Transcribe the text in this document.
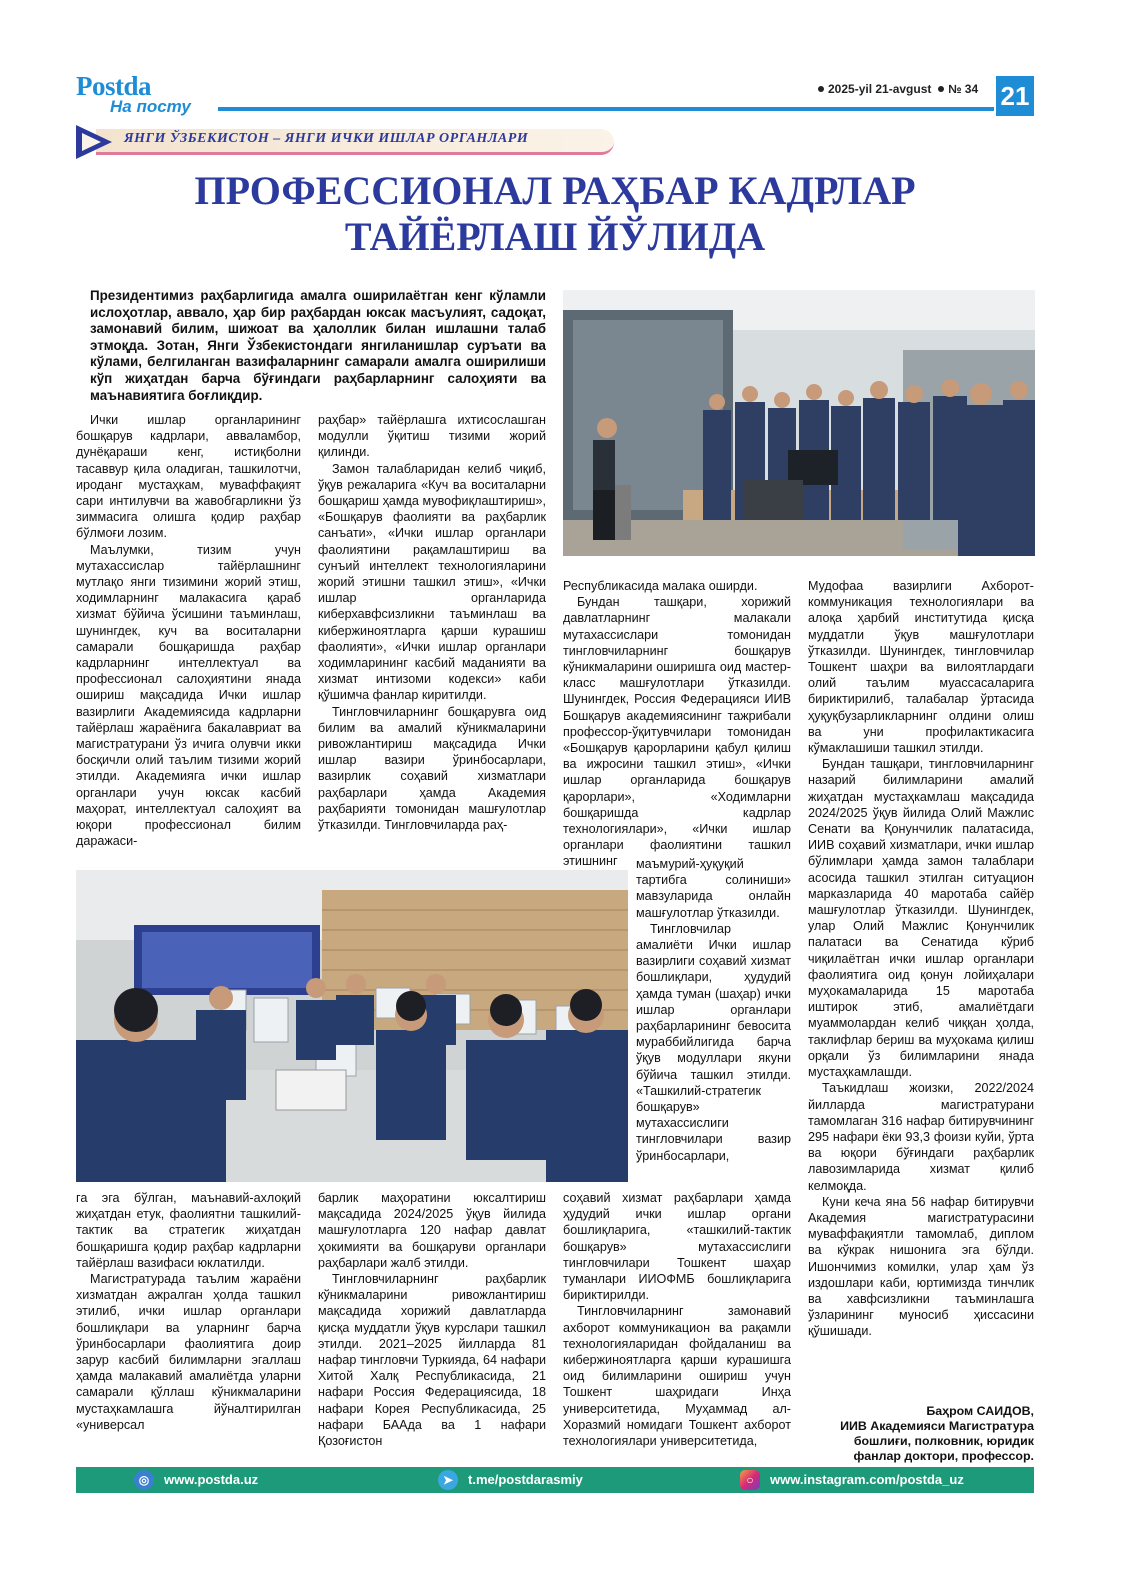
Postda
На посту
2025-yil 21-avgust № 34 21
ЯНГИ ЎЗБЕКИСТОН – ЯНГИ ИЧКИ ИШЛАР ОРГАНЛАРИ
ПРОФЕССИОНАЛ РАҲБАР КАДРЛАР
ТАЙЁРЛАШ ЙЎЛИДА
Президентимиз раҳбарлигида амалга оширилаётган кенг кўламли ислоҳотлар, аввало, ҳар бир раҳбардан юксак масъулият, садоқат, замонавий билим, шижоат ва ҳалоллик билан ишлашни талаб этмоқда. Зотан, Янги Ўзбекистондаги янгиланишлар суръати ва кўлами, белгиланган вазифаларнинг самарали амалга оширилиши кўп жиҳатдан барча бўғиндаги раҳбарларнинг салоҳияти ва маънавиятига боғлиқдир.

Ички ишлар органларининг бошқарув кадрлари, авваламбор, дунёқараши кенг, истиқболни тасаввур қила оладиган, ташкилотчи, ироданг мустаҳкам, муваффақият сари интилувчи ва жавобгарликни ўз зиммасига олишга қодир раҳбар бўлмоғи лозим.

Маълумки, тизим учун мутахассислар тайёрлашнинг мутлақо янги тизимини жорий этиш, ходимларнинг малакасига қараб хизмат бўйича ўсишини таъминлаш, шунингдек, куч ва воситаларни самарали бошқаришда раҳбар кадрларнинг интеллектуал ва профессионал салоҳиятини янада ошириш мақсадида Ички ишлар вазирлиги Академиясида кадрларни тайёрлаш жараёнига бакалавриат ва магистратурани ўз ичига олувчи икки босқичли олий таълим тизими жорий этилди. Академияга ички ишлар органлари учун юксак касбий маҳорат, интеллектуал салоҳият ва юқори профессионал билим даражаси-

раҳбар» тайёрлашга ихтисослашган модулли ўқитиш тизими жорий қилинди.

Замон талабларидан келиб чиқиб, ўқув режаларига «Куч ва воситаларни бошқариш ҳамда мувофиқлаштириш», «Бошқарув фаолияти ва раҳбарлик санъати», «Ички ишлар органлари фаолиятини рақамлаштириш ва сунъий интеллект технологияларини жорий этишни ташкил этиш», «Ички ишлар органларида киберхавфсизликни таъминлаш ва кибержиноятларга қарши курашиш фаолияти», «Ички ишлар органлари ходимларининг касбий маданияти ва хизмат интизоми кодекси» каби қўшимча фанлар киритилди.

Тингловчиларнинг бошқарувга оид билим ва амалий кўникмаларини ривожлантириш мақсадида Ички ишлар вазири ўринбосарлари, вазирлик соҳавий хизматлари раҳбарлари ҳамда Академия раҳбарияти томонидан машғулотлар ўтказилди. Тингловчиларда раҳ-

Республикасида малака оширди.

Бундан ташқари, хорижий давлатларнинг малакали мутахассислари томонидан тингловчиларнинг бошқарув кўникмаларини оширишга оид мастер-класс машғулотлари ўтказилди. Шунингдек, Россия Федерацияси ИИВ Бошқарув академиясининг тажрибали профессор-ўқитувчилари томонидан «Бошқарув қарорларини қабул қилиш ва ижросини ташкил этиш», «Ички ишлар органларида бошқарув қарорлари», «Ходимларни бошқаришда кадрлар технологиялари», «Ички ишлар органлари фаолиятини ташкил этишнинг	маъмурий-ҳуқуқий тартибга солиниши» мавзуларида онлайн машғулотлар ўтказилди.

Тингловчилар амалиёти Ички ишлар вазирлиги соҳавий хизмат бошлиқлари, ҳудудий ҳамда туман (шаҳар) ички ишлар органлари раҳбарларининг бевосита мураббийлигида барча ўқув модуллари якуни бўйича ташкил этилди. «Ташкилий-стратегик бошқарув» мутахассислиги тингловчилари вазир ўринбосарлари,

Мудофаа вазирлиги Ахборот-коммуникация технологиялари ва алоқа ҳарбий институтида қисқа муддатли ўқув машғулотлари ўтказилди. Шунингдек, тингловчилар Тошкент шаҳри ва вилоятлардаги олий таълим муассасаларига бириктирилиб, талабалар ўртасида ҳуқуқбузарликларнинг олдини олиш ва уни профилактикасига кўмаклашиши ташкил этилди.

Бундан ташқари, тингловчиларнинг назарий билимларини амалий жиҳатдан мустаҳкамлаш мақсадида 2024/2025 ўқув йилида Олий Мажлис Сенати ва Қонунчилик палатасида, ИИВ соҳавий хизматлари, ички ишлар бўлимлари ҳамда замон талаблари асосида ташкил этилган ситуацион марказларида 40 маротаба сайёр машғулотлар ўтказилди. Шунингдек, улар Олий Мажлис Қонунчилик палатаси ва Сенатида кўриб чиқилаётган ички ишлар органлари фаолиятига оид қонун лойиҳалари муҳокамаларида 15 маротаба иштирок этиб, амалиётдаги муаммолардан келиб чиққан ҳолда, таклифлар бериш ва муҳокама қилиш орқали ўз билимларини янада мустаҳкамлашди.

Таъкидлаш жоизки, 2022/2024 йилларда магистратурани тамомлаган 316 нафар битирувчининг 295 нафари ёки 93,3 фоизи куйи, ўрта ва юқори бўғиндаги раҳбарлик лавозимларида хизмат қилиб келмоқда.

Куни кеча яна 56 нафар битирувчи Академия магистратурасини муваффақиятли тамомлаб, диплом ва кўкрак нишонига эга бўлди. Ишончимиз комилки, улар ҳам ўз издошлари каби, юртимизда тинчлик ва хавфсизликни таъминлашга ўзларининг муносиб ҳиссасини қўшишади.

га эга бўлган, маънавий-ахлоқий жиҳатдан етук, фаолиятни ташкилий-тактик ва стратегик жиҳатдан бошқаришга қодир раҳбар кадрларни тайёрлаш вазифаси юклатилди.

Магистратурада таълим жараёни хизматдан ажралган ҳолда ташкил этилиб, ички ишлар органлари бошлиқлари ва уларнинг барча ўринбосарлари фаолиятига доир зарур касбий билимларни эгаллаш ҳамда малакавий амалиётда уларни самарали қўллаш кўникмаларини мустаҳкамлашга йўналтирилган «универсал

барлик маҳоратини юксалтириш мақсадида 2024/2025 ўқув йилида машғулотларга 120 нафар давлат ҳокимияти ва бошқаруви органлари раҳбарлари жалб этилди.

Тингловчиларнинг раҳбарлик кўникмаларини ривожлантириш мақсадида хорижий давлатларда қисқа муддатли ўқув курслари ташкил этилди. 2021–2025 йилларда 81 нафар тингловчи Туркияда, 64 нафари Хитой Халқ Республикасида, 21 нафари Россия Федерациясида, 18 нафари Корея Республикасида, 25 нафари БААда ва 1 нафари Қозоғистон

соҳавий хизмат раҳбарлари ҳамда ҳудудий ички ишлар органи бошлиқларига, «ташкилий-тактик бошқарув» мутахассислиги тингловчилари Тошкент шаҳар туманлари ИИОФМБ бошлиқларига бириктирилди.

Тингловчиларнинг замонавий ахборот коммуникацион ва рақамли технологияларидан фойдаланиш ва кибержиноятларга қарши курашишга оид билимларини ошириш учун Тошкент шаҳридаги Инҳа университетида, Муҳаммад ал-Хоразмий номидаги Тошкент ахборот технологиялари университетида,

Баҳром САИДОВ,
ИИВ Академияси Магистратура
бошлиғи, полковник, юридик
фанлар доктори, профессор.
◎	www.postda.uz	➤	t.me/postdarasmiy	○	www.instagram.com/postda_uz
